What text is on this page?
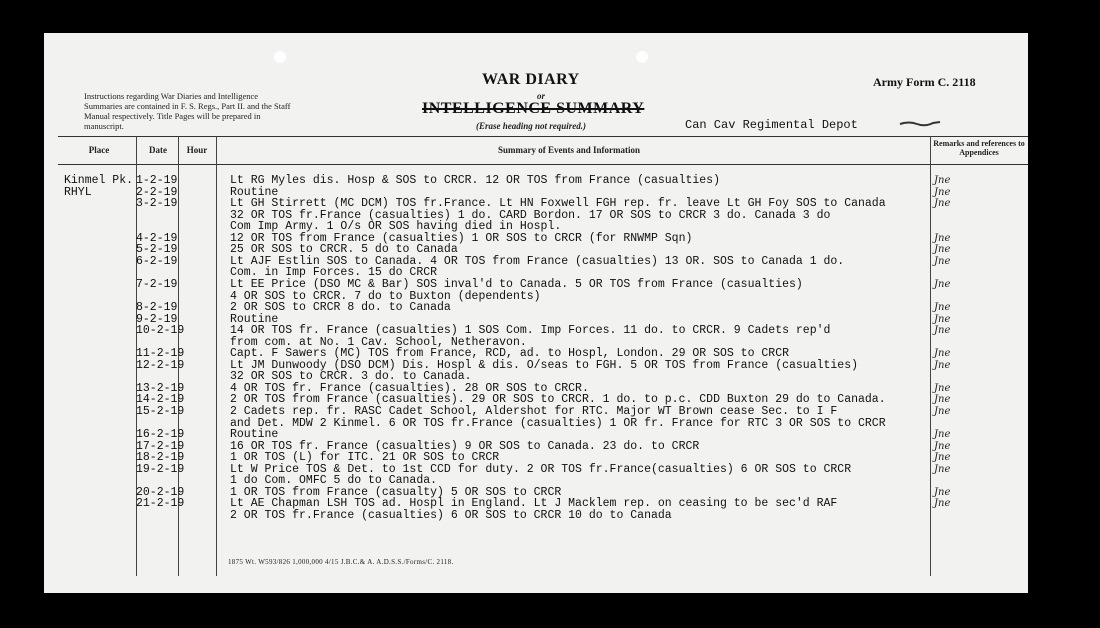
Instructions regarding War Diaries and Intelligence Summaries are contained in F. S. Regs., Part II. and the Staff Manual respectively. Title Pages will be prepared in manuscript.
WAR DIARY
or
INTELLIGENCE SUMMARY
(Erase heading not required.)
Army Form C. 2118
Can Cav Regimental Depot
Place	Date	Hour	Summary of Events and Information
Remarks and references to Appendices
Kinmel Pk. 1-2-19	Lt RG Myles dis. Hosp & SOS to CRCR. 12 OR TOS from France (casualties)	Jne
RHYL	2-2-19	Routine	Jne
3-2-19	Lt GH Stirrett (MC DCM) TOS fr.France. Lt HN Foxwell FGH rep. fr. leave Lt GH Foy SOS to Canada	Jne
32 OR TOS fr.France (casualties) 1 do. CARD Bordon. 17 OR SOS to CRCR 3 do. Canada 3 do
Com Imp Army. 1 O/s OR SOS having died in Hospl.
4-2-19	12 OR TOS from France (casualties) 1 OR SOS to CRCR (for RNWMP Sqn)	Jne
5-2-19	25 OR SOS to CRCR. 5 do to Canada	Jne
6-2-19	Lt AJF Estlin SOS to Canada. 4 OR TOS from France (casualties) 13 OR. SOS to Canada 1 do.	Jne
Com. in Imp Forces. 15 do CRCR
7-2-19	Lt EE Price (DSO MC & Bar) SOS inval'd to Canada. 5 OR TOS from France (casualties)	Jne
4 OR SOS to CRCR. 7 do to Buxton (dependents)
8-2-19	2 OR SOS to CRCR 8 do. to Canada	Jne
9-2-19	Routine	Jne
10-2-19	14 OR TOS fr. France (casualties) 1 SOS Com. Imp Forces. 11 do. to CRCR. 9 Cadets rep'd	Jne
from com. at No. 1 Cav. School, Netheravon.
11-2-19	Capt. F Sawers (MC) TOS from France, RCD, ad. to Hospl, London. 29 OR SOS to CRCR	Jne
12-2-19	Lt JM Dunwoody (DSO DCM) Dis. Hospl & dis. O/seas to FGH. 5 OR TOS from France (casualties)	Jne
32 OR SOS to CRCR. 3 do. to Canada.
13-2-19	4 OR TOS fr. France (casualties). 28 OR SOS to CRCR.	Jne
14-2-19	2 OR TOS from France (casualties). 29 OR SOS to CRCR. 1 do. to p.c. CDD Buxton 29 do to Canada.	Jne
15-2-19	2 Cadets rep. fr. RASC Cadet School, Aldershot for RTC. Major WT Brown cease Sec. to I F	Jne
and Det. MDW 2 Kinmel. 6 OR TOS fr.France (casualties) 1 OR fr. France for RTC 3 OR SOS to CRCR
16-2-19	Routine	Jne
17-2-19	16 OR TOS fr. France (casualties) 9 OR SOS to Canada. 23 do. to CRCR	Jne
18-2-19	1 OR TOS (L) for ITC. 21 OR SOS to CRCR	Jne
19-2-19	Lt W Price TOS & Det. to 1st CCD for duty. 2 OR TOS fr.France(casualties) 6 OR SOS to CRCR	Jne
1 do Com. OMFC 5 do to Canada.
20-2-19	1 OR TOS from France (casualty) 5 OR SOS to CRCR	Jne
21-2-19	Lt AE Chapman LSH TOS ad. Hospl in England. Lt J Macklem rep. on ceasing to be sec'd RAF	Jne
2 OR TOS fr.France (casualties) 6 OR SOS to CRCR 10 do to Canada
1875 Wt. W593/826 1,000,000 4/15 J.B.C.& A. A.D.S.S./Forms/C. 2118.
